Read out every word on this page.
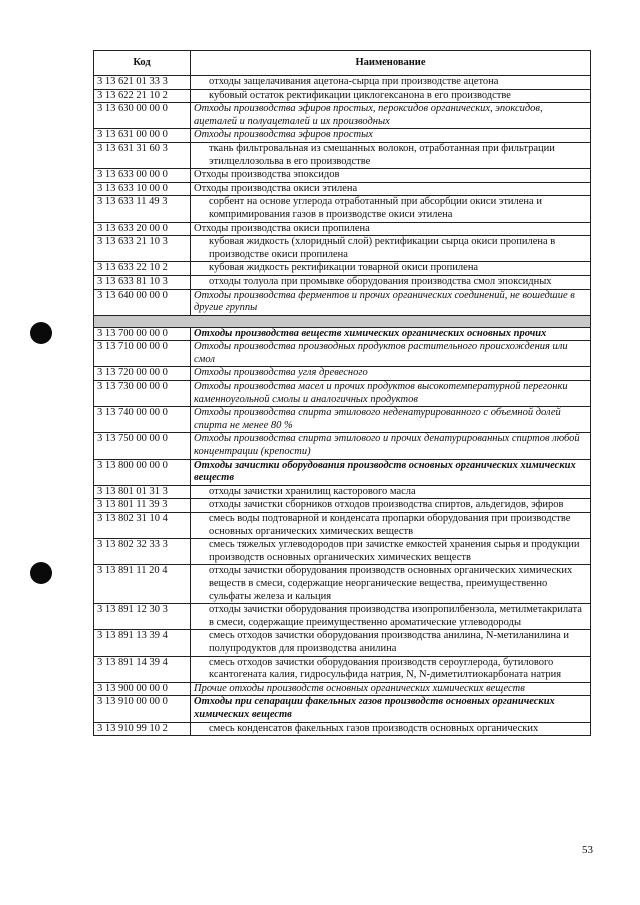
Код	Наименование
3 13 621 01 33 3	отходы защелачивания ацетона-сырца при производстве ацетона

3 13 622 21 10 2	кубовый остаток ректификации циклогексанона в его производстве

3 13 630 00 00 0	Отходы производства эфиров простых, пероксидов органических, эпоксидов, ацеталей и полуацеталей и их производных
3 13 631 00 00 0	Отходы производства эфиров простых
3 13 631 31 60 3	ткань фильтровальная из смешанных волокон, отработанная при фильтрации этилцеллозольва в его производстве

3 13 633 00 00 0	Отходы производства эпоксидов
3 13 633 10 00 0	Отходы производства окиси этилена
3 13 633 11 49 3	сорбент на основе углерода отработанный при абсорбции окиси этилена и компримирования газов в производстве окиси этилена

3 13 633 20 00 0	Отходы производства окиси пропилена
3 13 633 21 10 3	кубовая жидкость (хлоридный слой) ректификации сырца окиси пропилена в производстве окиси пропилена

3 13 633 22 10 2	кубовая жидкость ректификации товарной окиси пропилена

3 13 633 81 10 3	отходы толуола при промывке оборудования производства смол эпоксидных

3 13 640 00 00 0	Отходы производства ферментов и прочих органических соединений, не вошедшие в другие группы

3 13 700 00 00 0	Отходы производства веществ химических органических основных прочих
3 13 710 00 00 0	Отходы производства производных продуктов растительного происхождения или смол
3 13 720 00 00 0	Отходы производства угля древесного
3 13 730 00 00 0	Отходы производства масел и прочих продуктов высокотемпературной перегонки каменноугольной смолы и аналогичных продуктов
3 13 740 00 00 0	Отходы производства спирта этилового неденатурированного с объемной долей спирта не менее 80 %
3 13 750 00 00 0	Отходы производства спирта этилового и прочих денатурированных спиртов любой концентрации (крепости)
3 13 800 00 00 0	Отходы зачистки оборудования производств основных органических химических веществ
3 13 801 01 31 3	отходы зачистки хранилищ касторового масла

3 13 801 11 39 3	отходы зачистки сборников отходов производства спиртов, альдегидов, эфиров

3 13 802 31 10 4	смесь воды подтоварной и конденсата пропарки оборудования при производстве основных органических химических веществ

3 13 802 32 33 3	смесь тяжелых углеводородов при зачистке емкостей хранения сырья и продукции производств основных органических химических веществ

3 13 891 11 20 4	отходы зачистки оборудования производств основных органических химических веществ в смеси, содержащие неорганические вещества, преимущественно сульфаты железа и кальция

3 13 891 12 30 3	отходы зачистки оборудования производства изопропилбензола, метилметакрилата в смеси, содержащие преимущественно ароматические углеводороды

3 13 891 13 39 4	смесь отходов зачистки оборудования производства анилина, N-метиланилина и полупродуктов для производства анилина

3 13 891 14 39 4	смесь отходов зачистки оборудования производств сероуглерода, бутилового ксантогената калия, гидросульфида натрия, N, N-диметилтиокарбоната натрия

3 13 900 00 00 0	Прочие отходы производств основных органических химических веществ
3 13 910 00 00 0	Отходы при сепарации факельных газов производств основных органических химических веществ
3 13 910 99 10 2	смесь конденсатов факельных газов производств основных органических
53
